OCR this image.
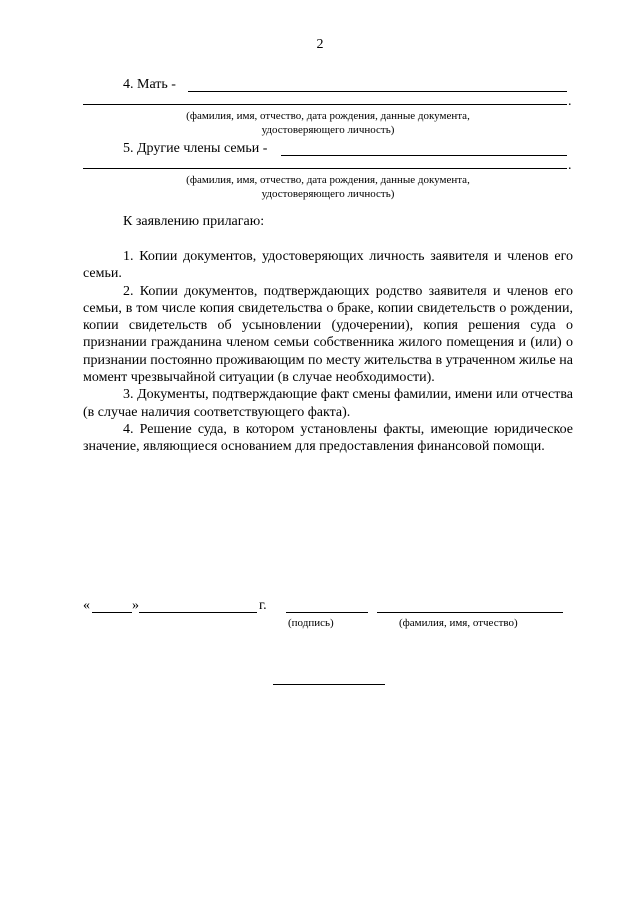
2
4. Мать -
.
(фамилия, имя, отчество, дата рождения, данные документа,
удостоверяющего личность)
5. Другие члены семьи -
.
(фамилия, имя, отчество, дата рождения, данные документа,
удостоверяющего личность)
К заявлению прилагаю:

1. Копии документов, удостоверяющих личность заявителя и членов его семьи.

2. Копии документов, подтверждающих родство заявителя и членов его семьи, в том числе копия свидетельства о браке, копии свидетельств о рождении, копии свидетельств об усыновлении (удочерении), копия решения суда о признании гражданина членом семьи собственника жилого помещения и (или) о признании постоянно проживающим по месту жительства в утраченном жилье на момент чрезвычайной ситуации (в случае необходимости).

3. Документы, подтверждающие факт смены фамилии, имени или отчества (в случае наличия соответствующего факта).

4. Решение суда, в котором установлены факты, имеющие юридическое значение, являющиеся основанием для предоставления финансовой помощи.

«	»	г.
(подпись)	(фамилия, имя, отчество)
